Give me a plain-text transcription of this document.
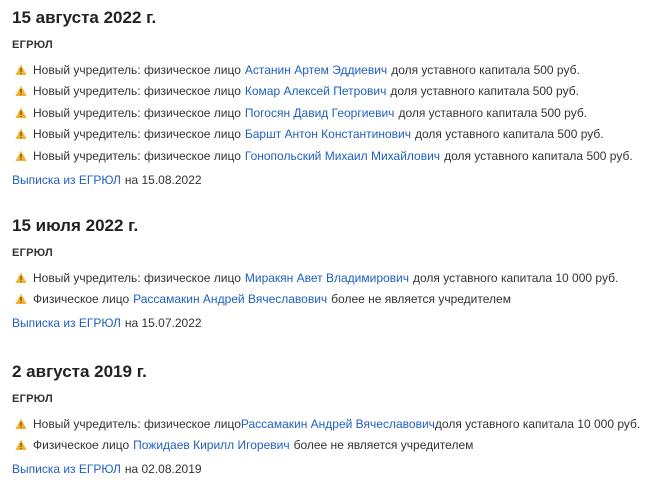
15 августа 2022 г.
ЕГРЮЛ
Новый учредитель: физическое лицо Астанин Артем Эддиевич доля уставного капитала 500 руб.
Новый учредитель: физическое лицо Комар Алексей Петрович доля уставного капитала 500 руб.
Новый учредитель: физическое лицо Погосян Давид Георгиевич доля уставного капитала 500 руб.
Новый учредитель: физическое лицо Баршт Антон Константинович доля уставного капитала 500 руб.
Новый учредитель: физическое лицо Гонопольский Михаил Михайлович доля уставного капитала 500 руб.
Выписка из ЕГРЮЛ на 15.08.2022
15 июля 2022 г.
ЕГРЮЛ
Новый учредитель: физическое лицо Миракян Авет Владимирович доля уставного капитала 10 000 руб.
Физическое лицо Рассамакин Андрей Вячеславович более не является учредителем
Выписка из ЕГРЮЛ на 15.07.2022
2 августа 2019 г.
ЕГРЮЛ
Новый учредитель: физическое лицо Рассамакин Андрей Вячеславович доля уставного капитала 10 000 руб.
Физическое лицо Пожидаев Кирилл Игоревич более не является учредителем
Выписка из ЕГРЮЛ на 02.08.2019
